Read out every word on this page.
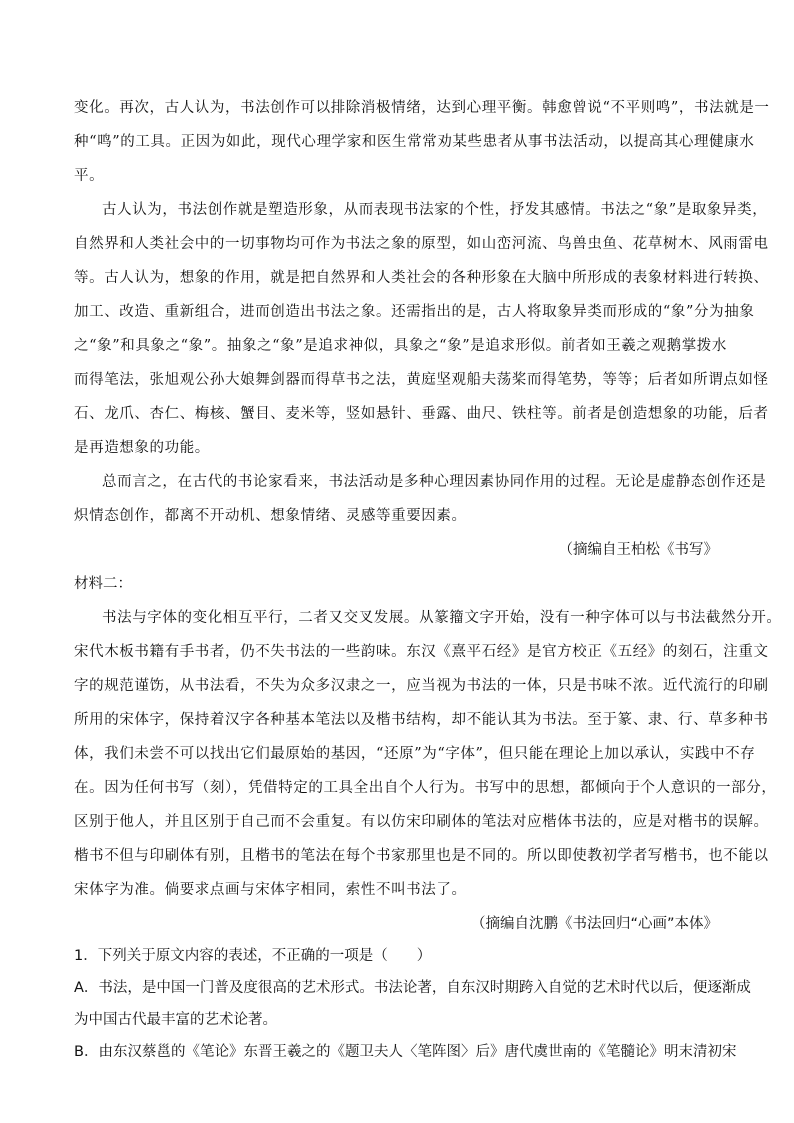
变化。再次，古人认为，书法创作可以排除消极情绪，达到心理平衡。韩愈曾说“不平则鸣”，书法就是一
种“鸣”的工具。正因为如此，现代心理学家和医生常常劝某些患者从事书法活动，以提高其心理健康水
平。
古人认为，书法创作就是塑造形象，从而表现书法家的个性，抒发其感情。书法之“象”是取象异类，
自然界和人类社会中的一切事物均可作为书法之象的原型，如山峦河流、鸟兽虫鱼、花草树木、风雨雷电
等。古人认为，想象的作用，就是把自然界和人类社会的各种形象在大脑中所形成的表象材料进行转换、
加工、改造、重新组合，进而创造出书法之象。还需指出的是，古人将取象异类而形成的“象”分为抽象
之“象”和具象之“象”。抽象之“象”是追求神似，具象之“象”是追求形似。前者如王羲之观鹅掌拨水
而得笔法，张旭观公孙大娘舞剑器而得草书之法，黄庭坚观船夫荡桨而得笔势，等等；后者如所谓点如怪
石、龙爪、杏仁、梅核、蟹目、麦米等，竖如悬针、垂露、曲尺、铁柱等。前者是创造想象的功能，后者
是再造想象的功能。
总而言之，在古代的书论家看来，书法活动是多种心理因素协同作用的过程。无论是虚静态创作还是
炽情态创作，都离不开动机、想象情绪、灵感等重要因素。
（摘编自王柏松《书写》
材料二：
书法与字体的变化相互平行，二者又交叉发展。从篆籀文字开始，没有一种字体可以与书法截然分开。
宋代木板书籍有手书者，仍不失书法的一些韵味。东汉《熹平石经》是官方校正《五经》的刻石，注重文
字的规范谨饬，从书法看，不失为众多汉隶之一，应当视为书法的一体，只是书味不浓。近代流行的印刷
所用的宋体字，保持着汉字各种基本笔法以及楷书结构，却不能认其为书法。至于篆、隶、行、草多种书
体，我们未尝不可以找出它们最原始的基因，“还原”为“字体”，但只能在理论上加以承认，实践中不存
在。因为任何书写（刻），凭借特定的工具全出自个人行为。书写中的思想，都倾向于个人意识的一部分，
区别于他人，并且区别于自己而不会重复。有以仿宋印刷体的笔法对应楷体书法的，应是对楷书的误解。
楷书不但与印刷体有别，且楷书的笔法在每个书家那里也是不同的。所以即使教初学者写楷书，也不能以
宋体字为准。倘要求点画与宋体字相同，索性不叫书法了。
（摘编自沈鹏《书法回归“心画”本体》
1．下列关于原文内容的表述，不正确的一项是（　　）
A．书法，是中国一门普及度很高的艺术形式。书法论著，自东汉时期跨入自觉的艺术时代以后，便逐渐成
为中国古代最丰富的艺术论著。
B．由东汉蔡邕的《笔论》东晋王羲之的《题卫夫人〈笔阵图〉后》唐代虞世南的《笔髓论》明末清初宋
